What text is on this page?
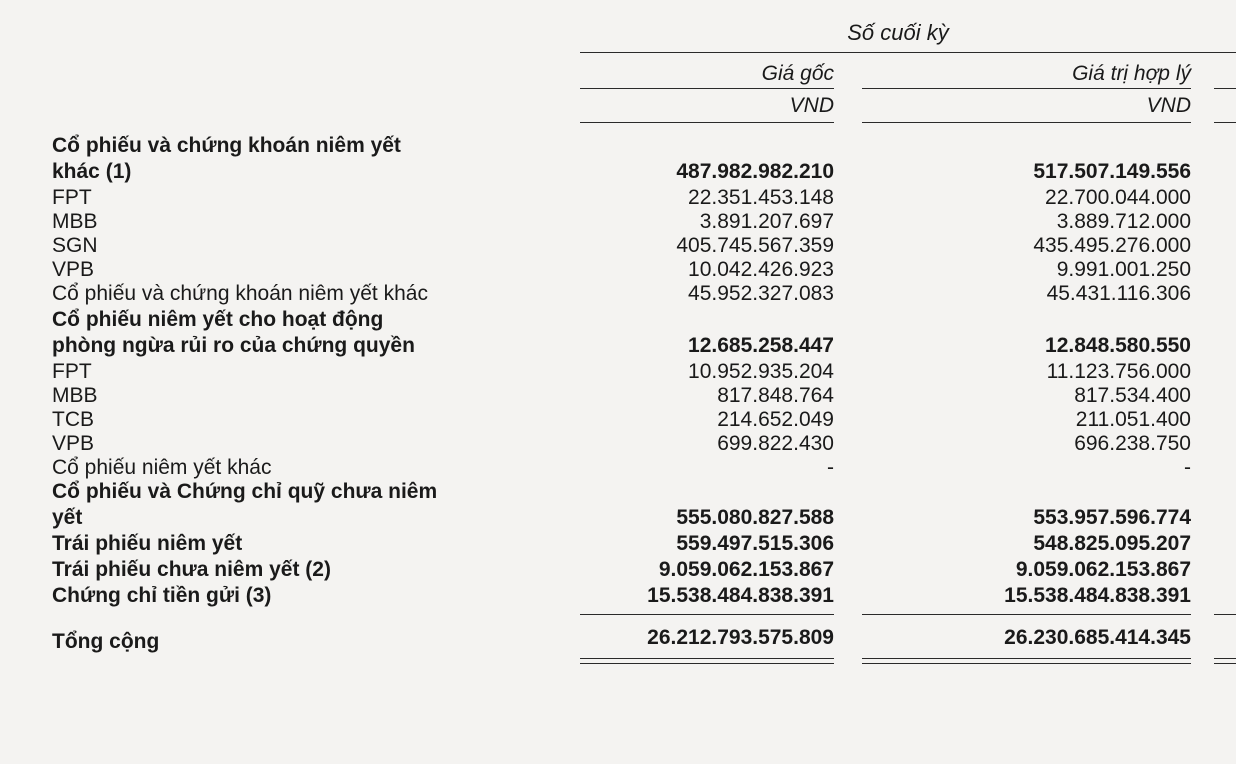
Số cuối kỳ
Giá gốc	Giá trị hợp lý
VND	VND
Cổ phiếu và chứng khoán niêm yết
khác (1)	487.982.982.210	517.507.149.556
FPT	22.351.453.148	22.700.044.000
MBB	3.891.207.697	3.889.712.000
SGN	405.745.567.359	435.495.276.000
VPB	10.042.426.923	9.991.001.250
Cổ phiếu và chứng khoán niêm yết khác	45.952.327.083	45.431.116.306
Cổ phiếu niêm yết cho hoạt động
phòng ngừa rủi ro của chứng quyền	12.685.258.447	12.848.580.550
FPT	10.952.935.204	11.123.756.000
MBB	817.848.764	817.534.400
TCB	214.652.049	211.051.400
VPB	699.822.430	696.238.750
Cổ phiếu niêm yết khác	-	-
Cổ phiếu và Chứng chỉ quỹ chưa niêm
yết	555.080.827.588	553.957.596.774
Trái phiếu niêm yết	559.497.515.306	548.825.095.207
Trái phiếu chưa niêm yết (2)	9.059.062.153.867	9.059.062.153.867
Chứng chỉ tiền gửi (3)	15.538.484.838.391	15.538.484.838.391
Tổng cộng	26.212.793.575.809	26.230.685.414.345
